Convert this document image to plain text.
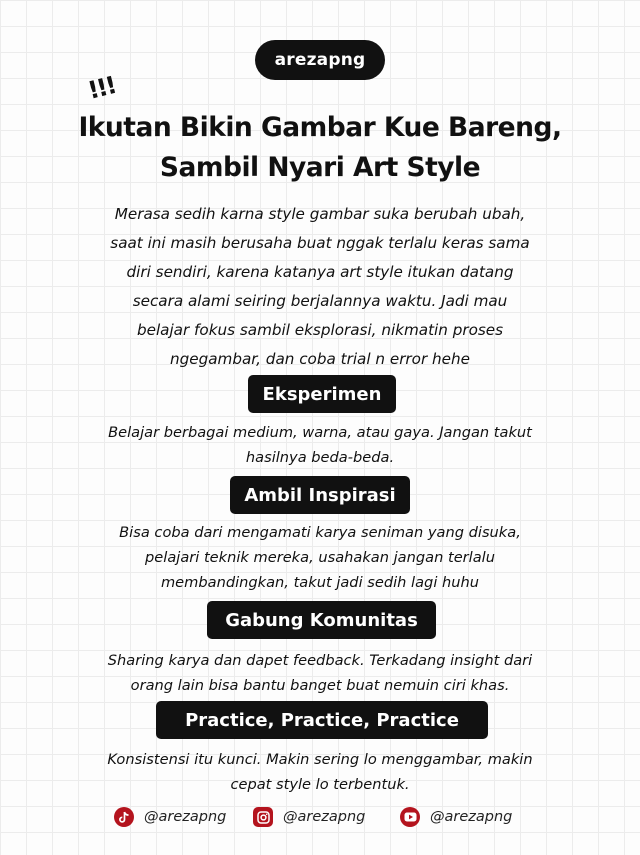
arezapng
!!!
Ikutan Bikin Gambar Kue Bareng,
Sambil Nyari Art Style
Merasa sedih karna style gambar suka berubah ubah,
saat ini masih berusaha buat nggak terlalu keras sama
diri sendiri, karena katanya art style itukan datang
secara alami seiring berjalannya waktu. Jadi mau
belajar fokus sambil eksplorasi, nikmatin proses
ngegambar, dan coba trial n error hehe
Eksperimen
Belajar berbagai medium, warna, atau gaya. Jangan takut
hasilnya beda-beda.
Ambil Inspirasi
Bisa coba dari mengamati karya seniman yang disuka,
pelajari teknik mereka, usahakan jangan terlalu
membandingkan, takut jadi sedih lagi huhu
Gabung Komunitas
Sharing karya dan dapet feedback. Terkadang insight dari
orang lain bisa bantu banget buat nemuin ciri khas.
Practice, Practice, Practice
Konsistensi itu kunci. Makin sering lo menggambar, makin
cepat style lo terbentuk.
@arezapng	@arezapng	@arezapng
